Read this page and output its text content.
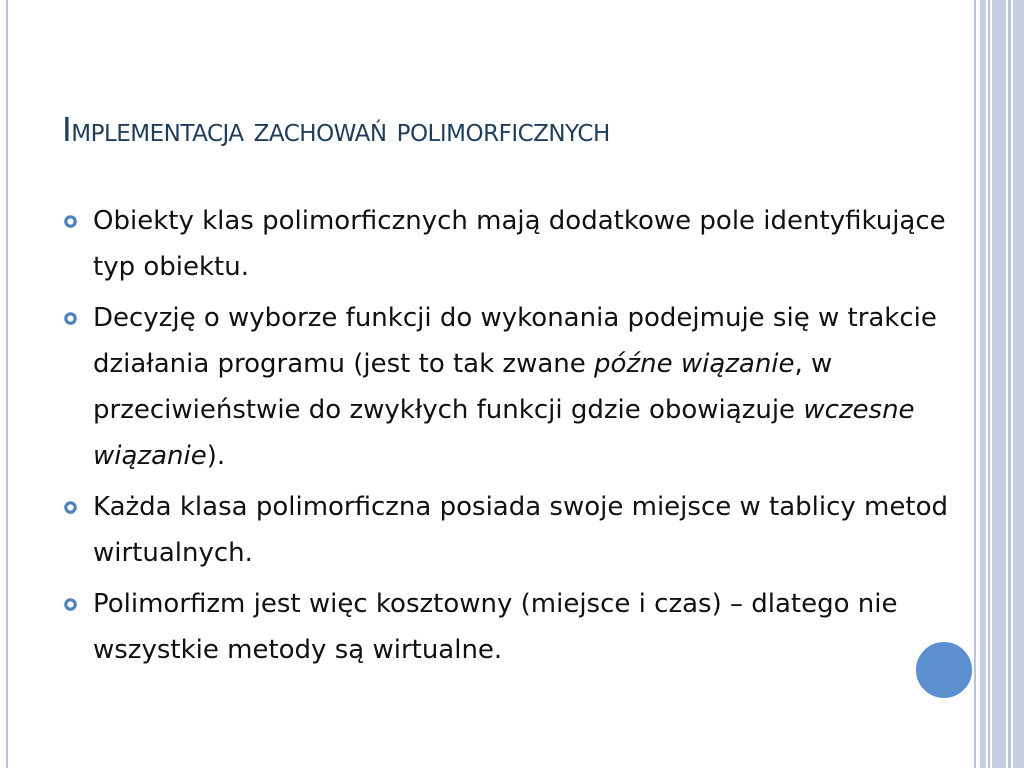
Implementacja zachowań polimorficznych
Obiekty klas polimorficznych mają dodatkowe pole identyfikujące typ obiektu.
Decyzję o wyborze funkcji do wykonania podejmuje się w trakcie działania programu (jest to tak zwane późne wiązanie, w przeciwieństwie do zwykłych funkcji gdzie obowiązuje wczesne wiązanie).
Każda klasa polimorficzna posiada swoje miejsce w tablicy metod wirtualnych.
Polimorfizm jest więc kosztowny (miejsce i czas) – dlatego nie wszystkie metody są wirtualne.
